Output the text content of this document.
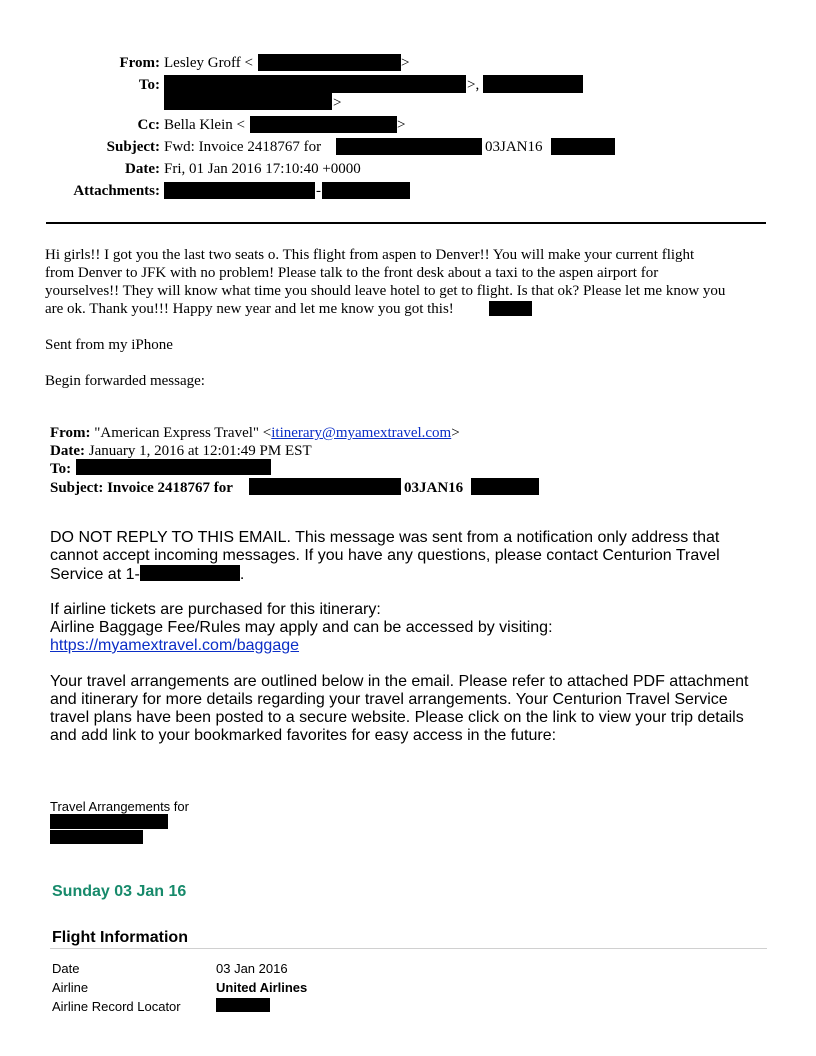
From: Lesley Groff <	>
To:	>,
>
Cc: Bella Klein <	>
Subject: Fwd: Invoice 2418767 for	03JAN16
Date: Fri, 01 Jan 2016 17:10:40 +0000
Attachments:	-
Hi girls!! I got you the last two seats o. This flight from aspen to Denver!! You will make your current flight
from Denver to JFK with no problem! Please talk to the front desk about a taxi to the aspen airport for
yourselves!! They will know what time you should leave hotel to get to flight. Is that ok? Please let me know you
are ok. Thank you!!! Happy new year and let me know you got this!
Sent from my iPhone
Begin forwarded message:
From: "American Express Travel" <itinerary@myamextravel.com>
Date: January 1, 2016 at 12:01:49 PM EST
To:
Subject: Invoice 2418767 for	03JAN16
DO NOT REPLY TO THIS EMAIL. This message was sent from a notification only address that
cannot accept incoming messages. If you have any questions, please contact Centurion Travel
Service at 1-	.
If airline tickets are purchased for this itinerary:
Airline Baggage Fee/Rules may apply and can be accessed by visiting:
https://myamextravel.com/baggage
Your travel arrangements are outlined below in the email. Please refer to attached PDF attachment
and itinerary for more details regarding your travel arrangements. Your Centurion Travel Service
travel plans have been posted to a secure website. Please click on the link to view your trip details
and add link to your bookmarked favorites for easy access in the future:
Travel Arrangements for
Sunday 03 Jan 16
Flight Information
Date	03 Jan 2016
Airline	United Airlines
Airline Record Locator
